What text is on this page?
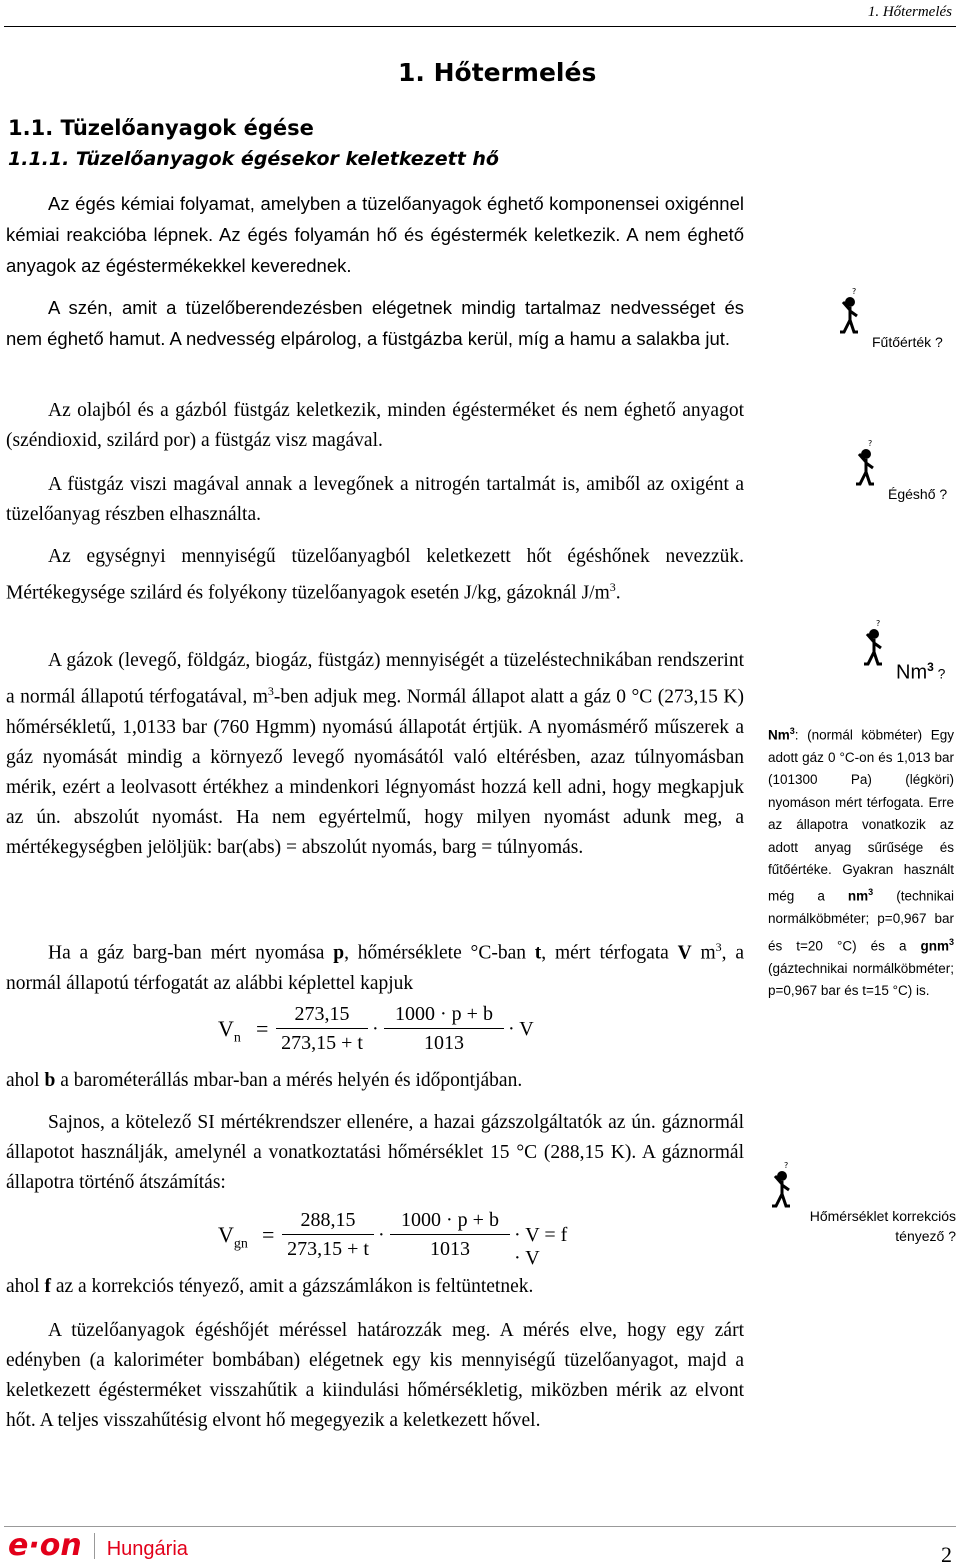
1. Hőtermelés
1. Hőtermelés
1.1. Tüzelőanyagok égése
1.1.1. Tüzelőanyagok égésekor keletkezett hő

Az égés kémiai folyamat, amelyben a tüzelőanyagok éghető komponensei oxigénnel kémiai reakcióba lépnek. Az égés folyamán hő és égéstermék keletkezik. A nem éghető anyagok az égéstermékekkel keverednek.

A szén, amit a tüzelőberendezésben elégetnek mindig tartalmaz nedvességet és nem éghető hamut. A nedvesség elpárolog, a füstgázba kerül, míg a hamu a salakba jut.

Az olajból és a gázból füstgáz keletkezik, minden égésterméket és nem éghető anyagot (széndioxid, szilárd por) a füstgáz visz magával.

A füstgáz viszi magával annak a levegőnek a nitrogén tartalmát is, amiből az oxigént a tüzelőanyag részben elhasználta.

Az egységnyi mennyiségű tüzelőanyagból keletkezett hőt égéshőnek nevezzük. Mértékegysége szilárd és folyékony tüzelőanyagok esetén J/kg, gázoknál $J/m^3$.

A gázok (levegő, földgáz, biogáz, füstgáz) mennyiségét a tüzeléstechnikában rendszerint a normál állapotú térfogatával, $m^3$-ben adjuk meg. Normál állapot alatt a gáz 0 °C (273,15 K) hőmérsékletű, 1,0133 bar (760 Hgmm) nyomású állapotát értjük. A nyomásmérő műszerek a gáz nyomását mindig a környező levegő nyomásától való eltérésben, azaz túlnyomásban mérik, ezért a leolvasott értékhez a mindenkori légnyomást hozzá kell adni, hogy megkapjuk az ún. abszolút nyomást. Ha nem egyértelmű, hogy milyen nyomást adunk meg, a mértékegységben jelöljük: bar(abs) = abszolút nyomás, barg = túlnyomás.

Ha a gáz barg-ban mért nyomása p, hőmérséklete °C-ban t, mért térfogata V $m^3$, a normál állapotú térfogatát az alábbi képlettel kapjuk

$V_n = \frac{273,15}{273,15 + t} \cdot \frac{1000 \cdot p + b}{1013} \cdot V$

ahol b a barométerállás mbar-ban a mérés helyén és időpontjában.

Sajnos, a kötelező SI mértékrendszer ellenére, a hazai gázszolgáltatók az ún. gáznormál állapotot használják, amelynél a vonatkoztatási hőmérséklet 15 °C (288,15 K). A gáznormál állapotra történő átszámítás:

$V_{gn} = \frac{288,15}{273,15 + t} \cdot \frac{1000 \cdot p + b}{1013} \cdot V = f \cdot V$

ahol f az a korrekciós tényező, amit a gázszámlákon is feltüntetnek.

A tüzelőanyagok égéshőjét méréssel határozzák meg. A mérés elve, hogy egy zárt edényben (a kaloriméter bombában) elégetnek egy kis mennyiségű tüzelőanyagot, majd a keletkezett égésterméket visszahűtik a kiindulási hőmérsékletig, miközben mérik az elvont hőt. A teljes visszahűtésig elvont hő megegyezik a keletkezett hővel.

?
Fűtőérték ?
?
Égéshő ?
?
Nm$^3$ ?
Nm$^3$: (normál köbméter) Egy adott gáz 0 °C-on és 1,013 bar (101300 Pa) (légköri) nyomáson mért térfogata. Erre az állapotra vonatkozik az adott anyag sűrűsége és fűtőértéke. Gyakran használt még a $nm^3$ (technikai normálköbméter; p=0,967 bar és t=20 °C) és a gnm$^3$ (gáztechnikai normálköbméter; p=0,967 bar és t=15 °C) is.
?
Hőmérséklet korrekciós tényező ?
e·on Hungária	2
